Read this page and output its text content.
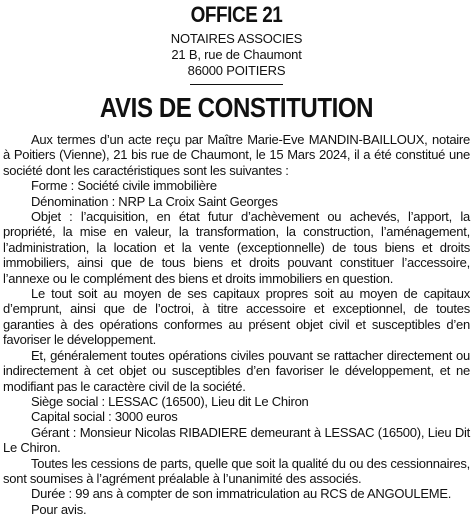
OFFICE 21
NOTAIRES ASSOCIES
21 B, rue de Chaumont
86000 POITIERS
AVIS DE CONSTITUTION

Aux termes d’un acte reçu par Maître Marie-Eve MANDIN-BAILLOUX, notaire à Poitiers (Vienne), 21 bis rue de Chaumont, le 15 Mars 2024, il a été constitué une société dont les caractéristiques sont les suivantes :

Forme : Société civile immobilière

Dénomination : NRP La Croix Saint Georges

Objet : l’acquisition, en état futur d’achèvement ou achevés, l’apport, la propriété, la mise en valeur, la transformation, la construction, l’aménagement, l’administration, la location et la vente (exceptionnelle) de tous biens et droits immobiliers, ainsi que de tous biens et droits pouvant constituer l’accessoire, l’annexe ou le complément des biens et droits immobiliers en question.

Le tout soit au moyen de ses capitaux propres soit au moyen de capitaux d’emprunt, ainsi que de l’octroi, à titre accessoire et exceptionnel, de toutes garanties à des opérations conformes au présent objet civil et susceptibles d’en favoriser le développement.

Et, généralement toutes opérations civiles pouvant se rattacher directement ou indirectement à cet objet ou susceptibles d’en favoriser le développement, et ne modifiant pas le caractère civil de la société.

Siège social : LESSAC (16500), Lieu dit Le Chiron

Capital social : 3000 euros

Gérant : Monsieur Nicolas RIBADIERE demeurant à LESSAC (16500), Lieu Dit Le Chiron.

Toutes les cessions de parts, quelle que soit la qualité du ou des cessionnaires, sont soumises à l’agrément préalable à l’unanimité des associés.

Durée : 99 ans à compter de son immatriculation au RCS de ANGOULEME.

Pour avis.
